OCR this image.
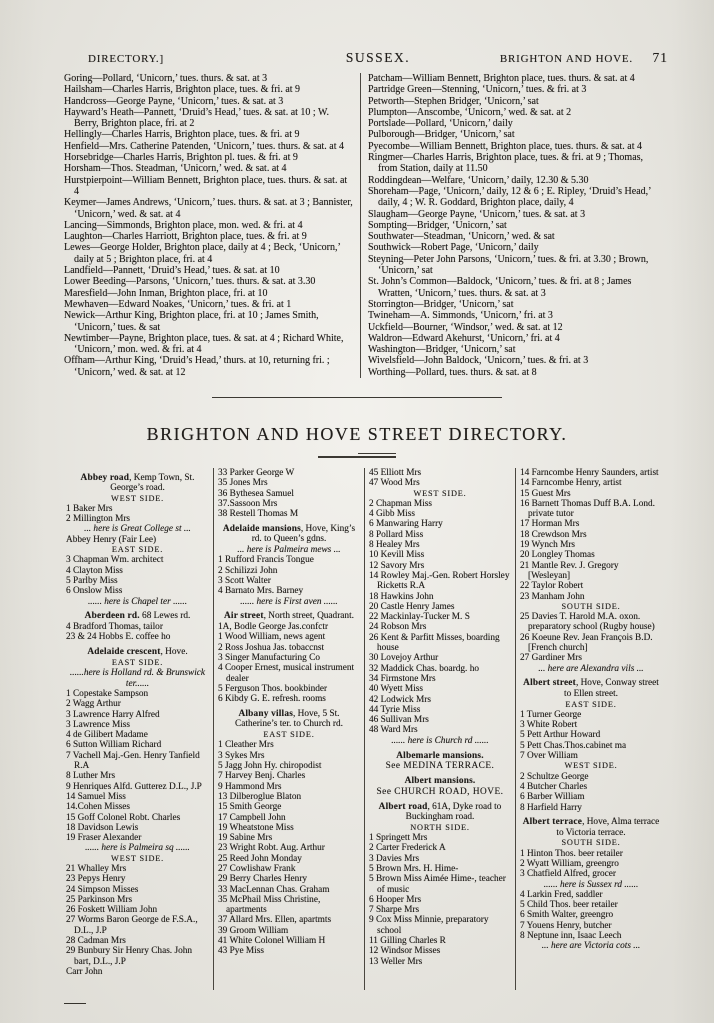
DIRECTORY.]	SUSSEX.	BRIGHTON AND HOVE. 71
Goring—Pollard, ‘Unicorn,’ tues. thurs. & sat. at 3
Hailsham—Charles Harris, Brighton place, tues. & fri. at 9
Handcross—George Payne, ‘Unicorn,’ tues. & sat. at 3
Hayward’s Heath—Pannett, ‘Druid’s Head,’ tues. & sat. at 10 ; W. Berry, Brighton place, fri. at 2
Hellingly—Charles Harris, Brighton place, tues. & fri. at 9
Henfield—Mrs. Catherine Patenden, ‘Unicorn,’ tues. thurs. & sat. at 4
Horsebridge—Charles Harris, Brighton pl. tues. & fri. at 9
Horsham—Thos. Steadman, ‘Unicorn,’ wed. & sat. at 4
Hurstpierpoint—William Bennett, Brighton place, tues. thurs. & sat. at 4
Keymer—James Andrews, ‘Unicorn,’ tues. thurs. & sat. at 3 ; Bannister, ‘Unicorn,’ wed. & sat. at 4
Lancing—Simmonds, Brighton place, mon. wed. & fri. at 4
Laughton—Charles Harriott, Brighton place, tues. & fri. at 9
Lewes—George Holder, Brighton place, daily at 4 ; Beck, ‘Unicorn,’ daily at 5 ; Brighton place, fri. at 4
Landfield—Pannett, ‘Druid’s Head,’ tues. & sat. at 10
Lower Beeding—Parsons, ‘Unicorn,’ tues. thurs. & sat. at 3.30
Maresfield—John Inman, Brighton place, fri. at 10
Mewhaven—Edward Noakes, ‘Unicorn,’ tues. & fri. at 1
Newick—Arthur King, Brighton place, fri. at 10 ; James Smith, ‘Unicorn,’ tues. & sat
Newtimber—Payne, Brighton place, tues. & sat. at 4 ; Richard White, ‘Unicorn,’ mon. wed. & fri. at 4
Offham—Arthur King, ‘Druid’s Head,’ thurs. at 10, returning fri. ; ‘Unicorn,’ wed. & sat. at 12
Patcham—William Bennett, Brighton place, tues. thurs. & sat. at 4
Partridge Green—Stenning, ‘Unicorn,’ tues. & fri. at 3
Petworth—Stephen Bridger, ‘Unicorn,’ sat
Plumpton—Anscombe, ‘Unicorn,’ wed. & sat. at 2
Portslade—Pollard, ‘Unicorn,’ daily
Pulborough—Bridger, ‘Unicorn,’ sat
Pyecombe—William Bennett, Brighton place, tues. thurs. & sat. at 4
Ringmer—Charles Harris, Brighton place, tues. & fri. at 9 ; Thomas, from Station, daily at 11.50
Roddingdean—Welfare, ‘Unicorn,’ daily, 12.30 & 5.30
Shoreham—Page, ‘Unicorn,’ daily, 12 & 6 ; E. Ripley, ‘Druid’s Head,’ daily, 4 ; W. R. Goddard, Brighton place, daily, 4
Slaugham—George Payne, ‘Unicorn,’ tues. & sat. at 3
Sompting—Bridger, ‘Unicorn,’ sat
Southwater—Steadman, ‘Unicorn,’ wed. & sat
Southwick—Robert Page, ‘Unicorn,’ daily
Steyning—Peter John Parsons, ‘Unicorn,’ tues. & fri. at 3.30 ; Brown, ‘Unicorn,’ sat
St. John’s Common—Baldock, ‘Unicorn,’ tues. & fri. at 8 ; James Wratten, ‘Unicorn,’ tues. thurs. & sat. at 3
Storrington—Bridger, ‘Unicorn,’ sat
Twineham—A. Simmonds, ‘Unicorn,’ fri. at 3
Uckfield—Bourner, ‘Windsor,’ wed. & sat. at 12
Waldron—Edward Akehurst, ‘Unicorn,’ fri. at 4
Washington—Bridger, ‘Unicorn,’ sat
Wivelsfield—John Baldock, ‘Unicorn,’ tues. & fri. at 3
Worthing—Pollard, tues. thurs. & sat. at 8
BRIGHTON AND HOVE STREET DIRECTORY.
Abbey road, Kemp Town, St. George’s road.
WEST SIDE.
1 Baker Mrs
2 Millington Mrs
... here is Great College st ...
Abbey Henry (Fair Lee)
EAST SIDE.
3 Chapman Wm. architect
4 Clayton Miss
5 Parlby Miss
6 Onslow Miss
...... here is Chapel ter ......
Aberdeen rd. 68 Lewes rd.
4 Bradford Thomas, tailor
23 & 24 Hobbs E. coffee ho
Adelaide crescent, Hove.
EAST SIDE.
......here is Holland rd. & Brunswick ter......
1 Copestake Sampson
2 Wagg Arthur
3 Lawrence Harry Alfred
3 Lawrence Miss
4 de Gilibert Madame
6 Sutton William Richard
7 Vachell Maj.-Gen. Henry Tanfield R.A
8 Luther Mrs
9 Henriques Alfd. Gutterez D.L., J.P
14 Samuel Miss
14.Cohen Misses
15 Goff Colonel Robt. Charles
18 Davidson Lewis
19 Fraser Alexander
...... here is Palmeira sq ......
WEST SIDE.
21 Whalley Mrs
23 Pepys Henry
24 Simpson Misses
25 Parkinson Mrs
26 Foskett William John
27 Worms Baron George de F.S.A., D.L., J.P
28 Cadman Mrs
29 Bunbury Sir Henry Chas. John bart, D.L., J.P
Carr John
33 Parker George W
35 Jones Mrs
36 Bythesea Samuel
37.Sassoon Mrs
38 Restell Thomas M
Adelaide mansions, Hove, King’s rd. to Queen’s gdns.
... here is Palmeira mews ...
1 Rufford Francis Tongue
2 Schilizzi John
3 Scott Walter
4 Barnato Mrs. Barney
...... here is First aven ......
Air street, North street, Quadrant.
1A, Bodle George Jas.confctr
1 Wood William, news agent
2 Ross Joshua Jas. tobaccnst
3 Singer Manufacturing Co
4 Cooper Ernest, musical instrument dealer
5 Ferguson Thos. bookbinder
6 Kibdy G. E. refresh. rooms
Albany villas, Hove, 5 St. Catherine’s ter. to Church rd.
EAST SIDE.
1 Cleather Mrs
3 Sykes Mrs
5 Jagg John Hy. chiropodist
7 Harvey Benj. Charles
9 Hammond Mrs
13 Dilberoglue Blaton
15 Smith George
17 Campbell John
19 Wheatstone Miss
19 Sabine Mrs
23 Wright Robt. Aug. Arthur
25 Reed John Monday
27 Cowlishaw Frank
29 Berry Charles Henry
33 MacLennan Chas. Graham
35 McPhail Miss Christine, apartments
37 Allard Mrs. Ellen, apartmts
39 Groom William
41 White Colonel William H
43 Pye Miss
45 Elliott Mrs
47 Wood Mrs
WEST SIDE.
2 Chapman Miss
4 Gibb Miss
6 Manwaring Harry
8 Pollard Miss
8 Healey Mrs
10 Kevill Miss
12 Savory Mrs
14 Rowley Maj.-Gen. Robert Horsley Ricketts R.A
18 Hawkins John
20 Castle Henry James
22 Mackinlay-Tucker M. S
24 Robson Mrs
26 Kent & Parfitt Misses, boarding house
30 Lovejoy Arthur
32 Maddick Chas. boardg. ho
34 Firmstone Mrs
40 Wyett Miss
42 Lodwick Mrs
44 Tyrie Miss
46 Sullivan Mrs
48 Ward Mrs
...... here is Church rd ......
Albemarle mansions.
See MEDINA TERRACE.
Albert mansions.
See CHURCH ROAD, HOVE.
Albert road, 61A, Dyke road to Buckingham road.
NORTH SIDE.
1 Springett Mrs
2 Carter Frederick A
3 Davies Mrs
5 Brown Mrs. H. Hime-
5 Brown Miss Aimée Hime-, teacher of music
6 Hooper Mrs
7 Sharpe Mrs
9 Cox Miss Minnie, preparatory school
11 Gilling Charles R
12 Windsor Misses
13 Weller Mrs
14 Farncombe Henry Saunders, artist
14 Farncombe Henry, artist
15 Guest Mrs
16 Barnett Thomas Duff B.A. Lond. private tutor
17 Horman Mrs
18 Crewdson Mrs
19 Wynch Mrs
20 Longley Thomas
21 Mantle Rev. J. Gregory [Wesleyan]
22 Taylor Robert
23 Manham John
SOUTH SIDE.
25 Davies T. Harold M.A. oxon. preparatory school (Rugby house)
26 Koeune Rev. Jean François B.D. [French church]
27 Gardiner Mrs
... here are Alexandra vils ...
Albert street, Hove, Conway street to Ellen street.
EAST SIDE.
1 Turner George
3 White Robert
5 Pett Arthur Howard
5 Pett Chas.Thos.cabinet ma
7 Over William
WEST SIDE.
2 Schultze George
4 Butcher Charles
6 Barber William
8 Harfield Harry
Albert terrace, Hove, Alma terrace to Victoria terrace.
SOUTH SIDE.
1 Hinton Thos. beer retailer
2 Wyatt William, greengro
3 Chatfield Alfred, grocer
...... here is Sussex rd ......
4 Larkin Fred, saddler
5 Child Thos. beer retailer
6 Smith Walter, greengro
7 Youens Henry, butcher
8 Neptune inn, Isaac Leech
... here are Victoria cots ...
